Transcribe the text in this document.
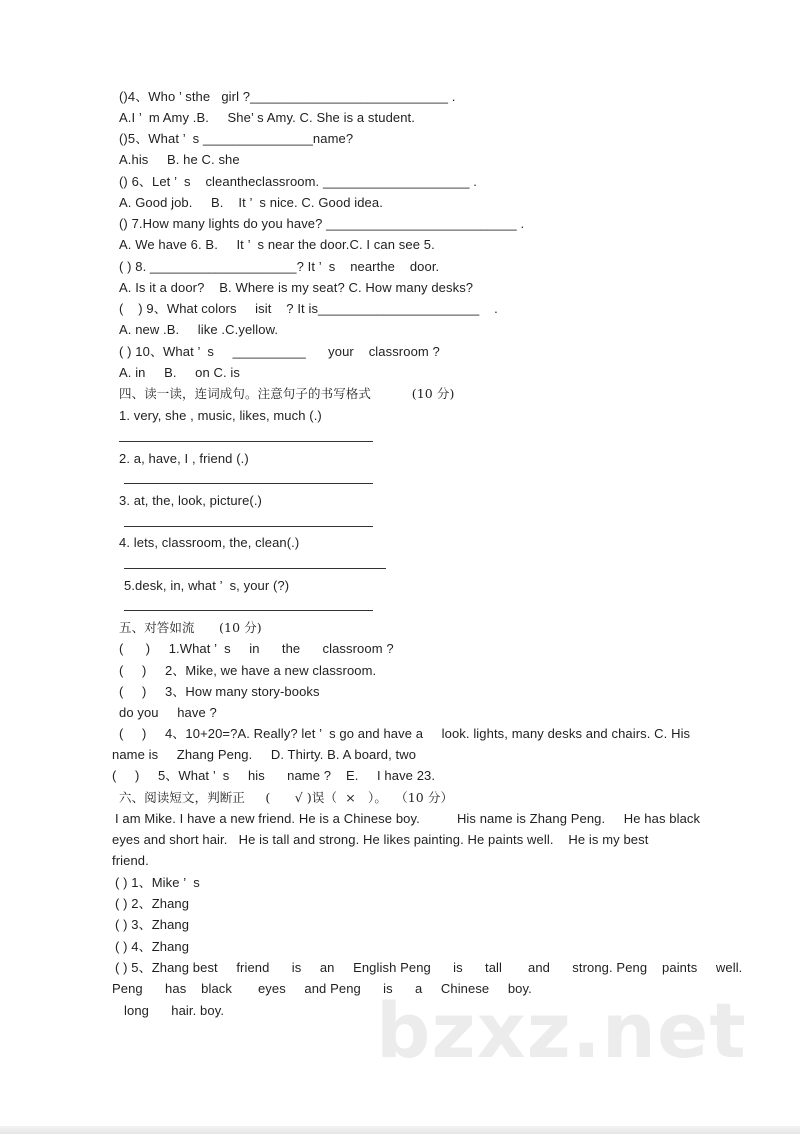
()4、Who ’ sthe   girl ?___________________________ .
A.I ’  m Amy .B.     She’ s Amy. C. She is a student.
()5、What ’  s _______________name?
A.his     B. he C. she
() 6、Let ’  s    cleantheclassroom. ____________________ .
A. Good job.     B.    It ’  s nice. C. Good idea.
() 7.How many lights do you have? __________________________ .
A. We have 6. B.     It ’  s near the door.C. I can see 5.
( ) 8. ____________________? It ’  s    nearthe    door.
A. Is it a door?    B. Where is my seat? C. How many desks?
(    ) 9、What colors     isit    ? It is______________________    .
A. new .B.     like .C.yellow.
( ) 10、What ’  s     __________      your    classroom ?
A. in     B.     on C. is
四、读一读，连词成句。注意句子的书写格式          (10 分)
1. very, she , music, likes, much (.)
2. a, have, I , friend (.)
3. at, the, look, picture(.)
4. lets, classroom, the, clean(.)
5.desk, in, what ’  s, your (?)
五、对答如流      (10 分)
(      )     1.What ’  s     in      the      classroom ?
(     )     2、Mike, we have a new classroom.
(     )     3、How many story-books
do you     have ?
(     )     4、10+20=?A. Really? let ’  s go and have a     look. lights, many desks and chairs. C. His
name is     Zhang Peng.     D. Thirty. B. A board, two
(     )     5、What ’  s     his      name ?    E.     I have 23.
六、阅读短文，判断正     (      √ )误（  ×   ）。  （10 分）
I am Mike. I have a new friend. He is a Chinese boy.          His name is Zhang Peng.     He has black
eyes and short hair.   He is tall and strong. He likes painting. He paints well.    He is my best
friend.
( ) 1、Mike ’  s
( ) 2、Zhang
( ) 3、Zhang
( ) 4、Zhang
( ) 5、Zhang best     friend      is     an     English Peng      is      tall       and      strong. Peng    paints     well.
Peng      has    black       eyes     and Peng      is      a     Chinese     boy.
long      hair. boy. bzxz.net
